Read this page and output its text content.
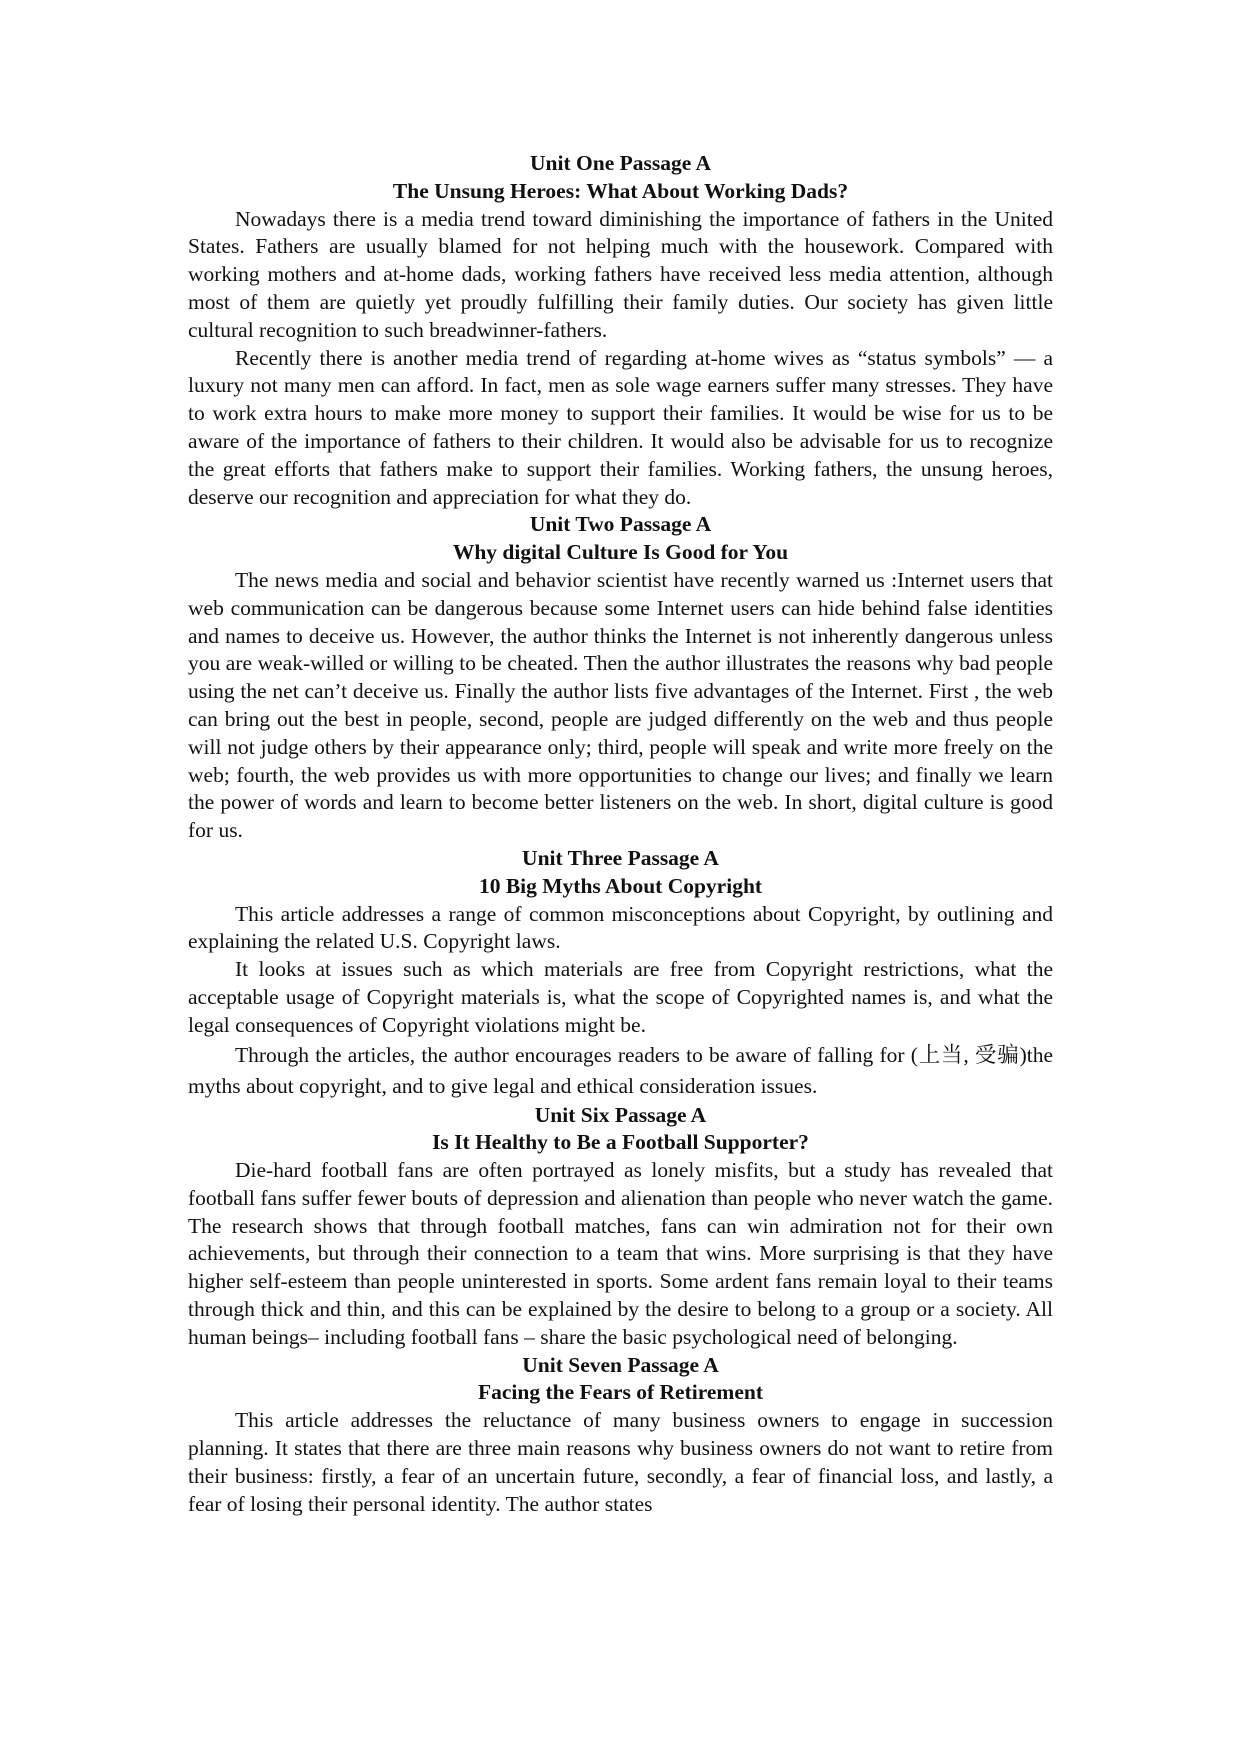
Unit One Passage A
The Unsung Heroes: What About Working Dads?

Nowadays there is a media trend toward diminishing the importance of fathers in the United States. Fathers are usually blamed for not helping much with the housework. Compared with working mothers and at-home dads, working fathers have received less media attention, although most of them are quietly yet proudly fulfilling their family duties. Our society has given little cultural recognition to such breadwinner-fathers.

Recently there is another media trend of regarding at-home wives as “status symbols” — a luxury not many men can afford. In fact, men as sole wage earners suffer many stresses. They have to work extra hours to make more money to support their families. It would be wise for us to be aware of the importance of fathers to their children. It would also be advisable for us to recognize the great efforts that fathers make to support their families. Working fathers, the unsung heroes, deserve our recognition and appreciation for what they do.

Unit Two Passage A
Why digital Culture Is Good for You

The news media and social and behavior scientist have recently warned us :Internet users that web communication can be dangerous because some Internet users can hide behind false identities and names to deceive us. However, the author thinks the Internet is not inherently dangerous unless you are weak-willed or willing to be cheated. Then the author illustrates the reasons why bad people using the net can’t deceive us. Finally the author lists five advantages of the Internet. First , the web can bring out the best in people, second, people are judged differently on the web and thus people will not judge others by their appearance only; third, people will speak and write more freely on the web; fourth, the web provides us with more opportunities to change our lives; and finally we learn the power of words and learn to become better listeners on the web. In short, digital culture is good for us.

Unit Three Passage A
10 Big Myths About Copyright

This article addresses a range of common misconceptions about Copyright, by outlining and explaining the related U.S. Copyright laws.

It looks at issues such as which materials are free from Copyright restrictions, what the acceptable usage of Copyright materials is, what the scope of Copyrighted names is, and what the legal consequences of Copyright violations might be.

Through the articles, the author encourages readers to be aware of falling for (上当, 受骗)the myths about copyright, and to give legal and ethical consideration issues.

Unit Six Passage A
Is It Healthy to Be a Football Supporter?

Die-hard football fans are often portrayed as lonely misfits, but a study has revealed that football fans suffer fewer bouts of depression and alienation than people who never watch the game. The research shows that through football matches, fans can win admiration not for their own achievements, but through their connection to a team that wins. More surprising is that they have higher self-esteem than people uninterested in sports. Some ardent fans remain loyal to their teams through thick and thin, and this can be explained by the desire to belong to a group or a society. All human beings– including football fans – share the basic psychological need of belonging.

Unit Seven Passage A
Facing the Fears of Retirement

This article addresses the reluctance of many business owners to engage in succession planning. It states that there are three main reasons why business owners do not want to retire from their business: firstly, a fear of an uncertain future, secondly, a fear of financial loss, and lastly, a fear of losing their personal identity. The author states
